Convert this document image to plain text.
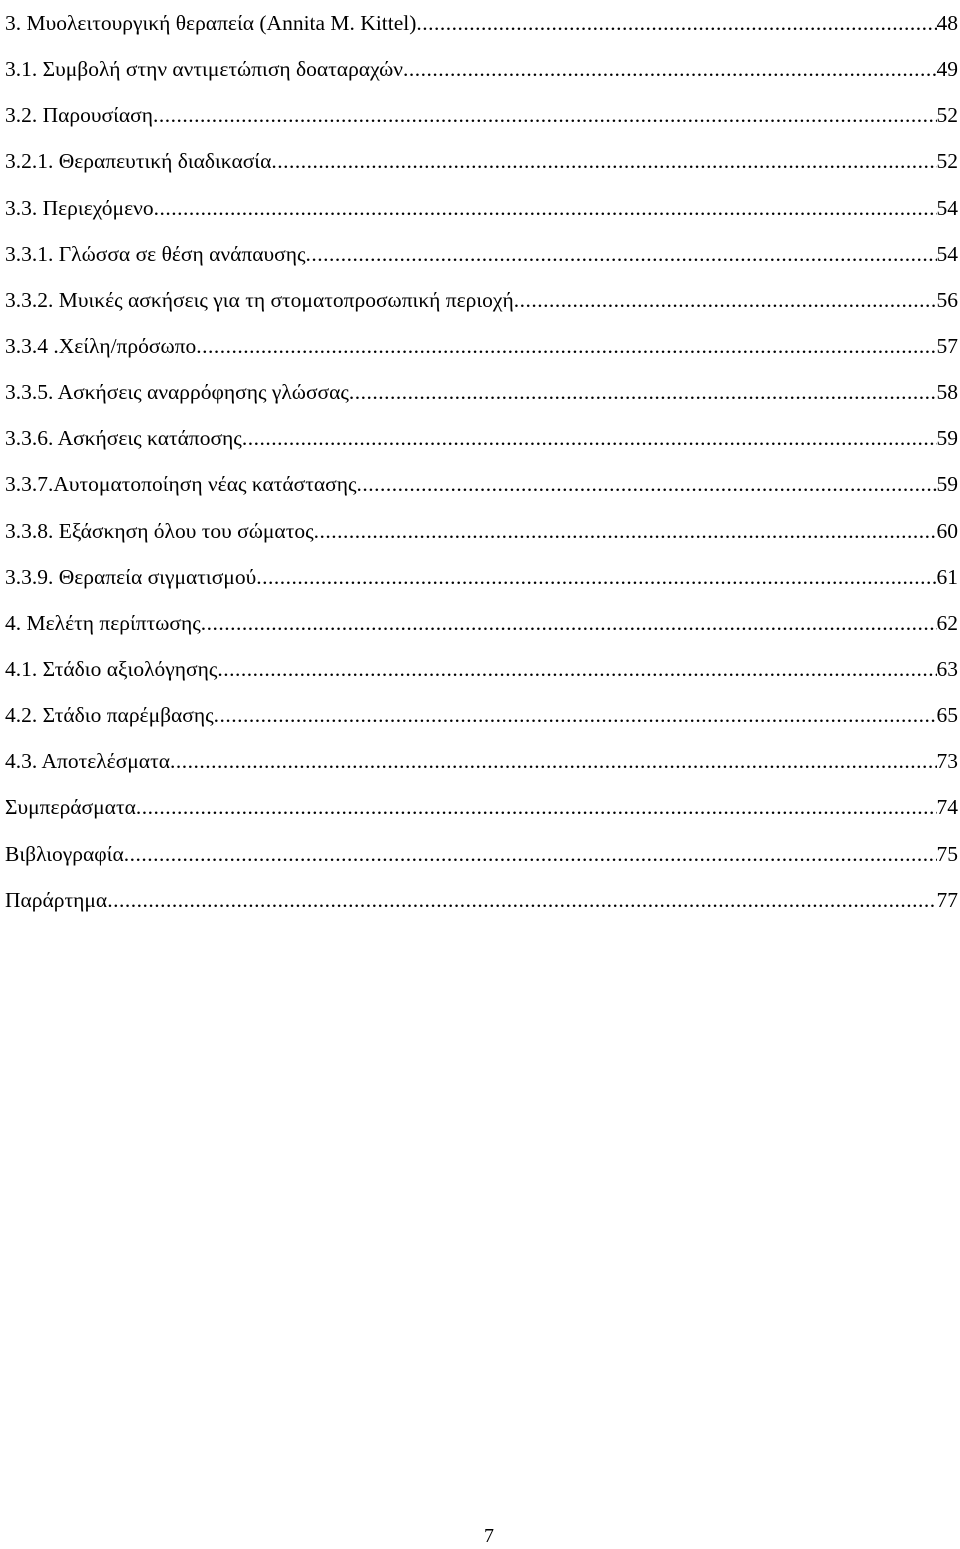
3. Μυολειτουργική θεραπεία (Annita M. Kittel) .....	48
3.1. Συμβολή στην αντιμετώπιση δοαταραχών .....	49
3.2. Παρουσίαση .....	52
3.2.1. Θεραπευτική διαδικασία .....	52
3.3. Περιεχόμενο .....	54
3.3.1. Γλώσσα σε θέση ανάπαυσης .....	54
3.3.2. Μυικές ασκήσεις για τη στοματοπροσωπική περιοχή .....	56
3.3.4 .Χείλη/πρόσωπο .....	57
3.3.5. Ασκήσεις αναρρόφησης γλώσσας .....	58
3.3.6. Ασκήσεις κατάποσης .....	59
3.3.7.Αυτοματοποίηση νέας κατάστασης .....	59
3.3.8. Εξάσκηση όλου του σώματος .....	60
3.3.9. Θεραπεία σιγματισμού .....	61
4. Μελέτη περίπτωσης .....	62
4.1. Στάδιο αξιολόγησης .....	63
4.2. Στάδιο παρέμβασης .....	65
4.3. Αποτελέσματα .....	73
Συμπεράσματα .....	74
Βιβλιογραφία .....	75
Παράρτημα .....	77
7
